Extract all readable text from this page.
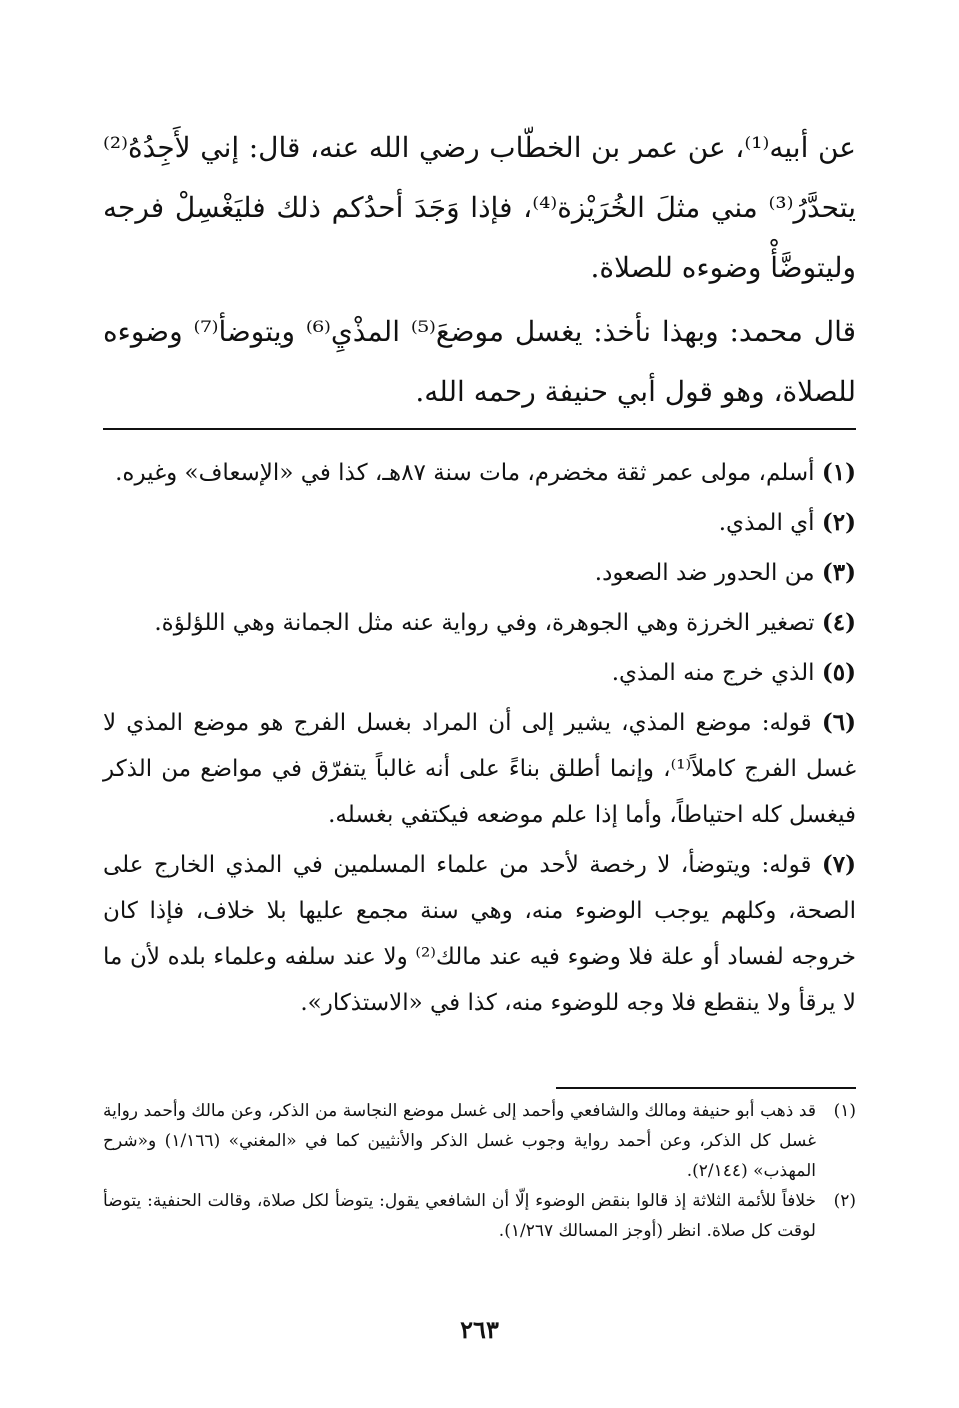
عن أبيه⁽¹⁾، عن عمر بن الخطّاب رضي الله عنه، قال: إني لأَجِدُهُ⁽²⁾ يتحدَّرُ⁽³⁾ مني مثلَ الخُرَيْزة⁽⁴⁾، فإذا وَجَدَ أحدُكم ذلك فليَغْسِلْ فرجه وليتوضَّأْ وضوءه للصلاة.

قال محمد: وبهذا نأخذ: يغسل موضعَ⁽⁵⁾ المذْيِ⁽⁶⁾ ويتوضأ⁽⁷⁾ وضوءه للصلاة، وهو قول أبي حنيفة رحمه الله.

(١) أسلم، مولى عمر ثقة مخضرم، مات سنة ٨٧هـ، كذا في «الإسعاف» وغيره.

(٢) أي المذي.

(٣) من الحدور ضد الصعود.

(٤) تصغير الخرزة وهي الجوهرة، وفي رواية عنه مثل الجمانة وهي اللؤلؤة.

(٥) الذي خرج منه المذي.

(٦) قوله: موضع المذي، يشير إلى أن المراد بغسل الفرج هو موضع المذي لا غسل الفرج كاملاً⁽¹⁾، وإنما أطلق بناءً على أنه غالباً يتفرّق في مواضع من الذكر فيغسل كله احتياطاً، وأما إذا علم موضعه فيكتفي بغسله.

(٧) قوله: ويتوضأ، لا رخصة لأحد من علماء المسلمين في المذي الخارج على الصحة، وكلهم يوجب الوضوء منه، وهي سنة مجمع عليها بلا خلاف، فإذا كان خروجه لفساد أو علة فلا وضوء فيه عند مالك⁽²⁾ ولا عند سلفه وعلماء بلده لأن ما لا يرقأ ولا ينقطع فلا وجه للوضوء منه، كذا في «الاستذكار».

(١)
قد ذهب أبو حنيفة ومالك والشافعي وأحمد إلى غسل موضع النجاسة من الذكر، وعن مالك وأحمد رواية غسل كل الذكر، وعن أحمد رواية وجوب غسل الذكر والأنثيين كما في «المغني» (١/١٦٦) و«شرح المهذب» (٢/١٤٤).

(٢)
خلافاً للأئمة الثلاثة إذ قالوا بنقض الوضوء إلّا أن الشافعي يقول: يتوضأ لكل صلاة، وقالت الحنفية: يتوضأ لوقت كل صلاة. انظر (أوجز المسالك ١/٢٦٧).

٢٦٣
